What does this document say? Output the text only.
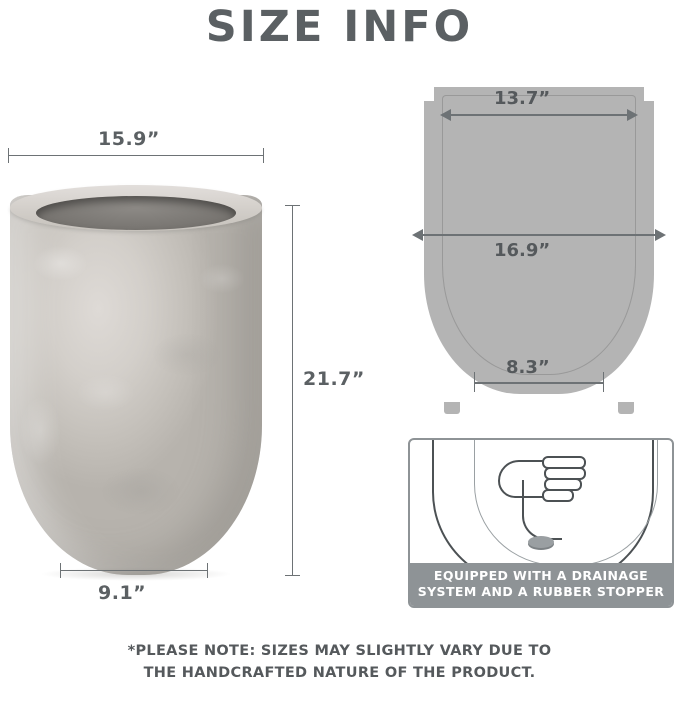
SIZE INFO
15.9”
21.7”
9.1”
13.7”
16.9”
8.3”
EQUIPPED WITH A DRAINAGE
SYSTEM AND A RUBBER STOPPER
*PLEASE NOTE: SIZES MAY SLIGHTLY VARY DUE TO
THE HANDCRAFTED NATURE OF THE PRODUCT.
